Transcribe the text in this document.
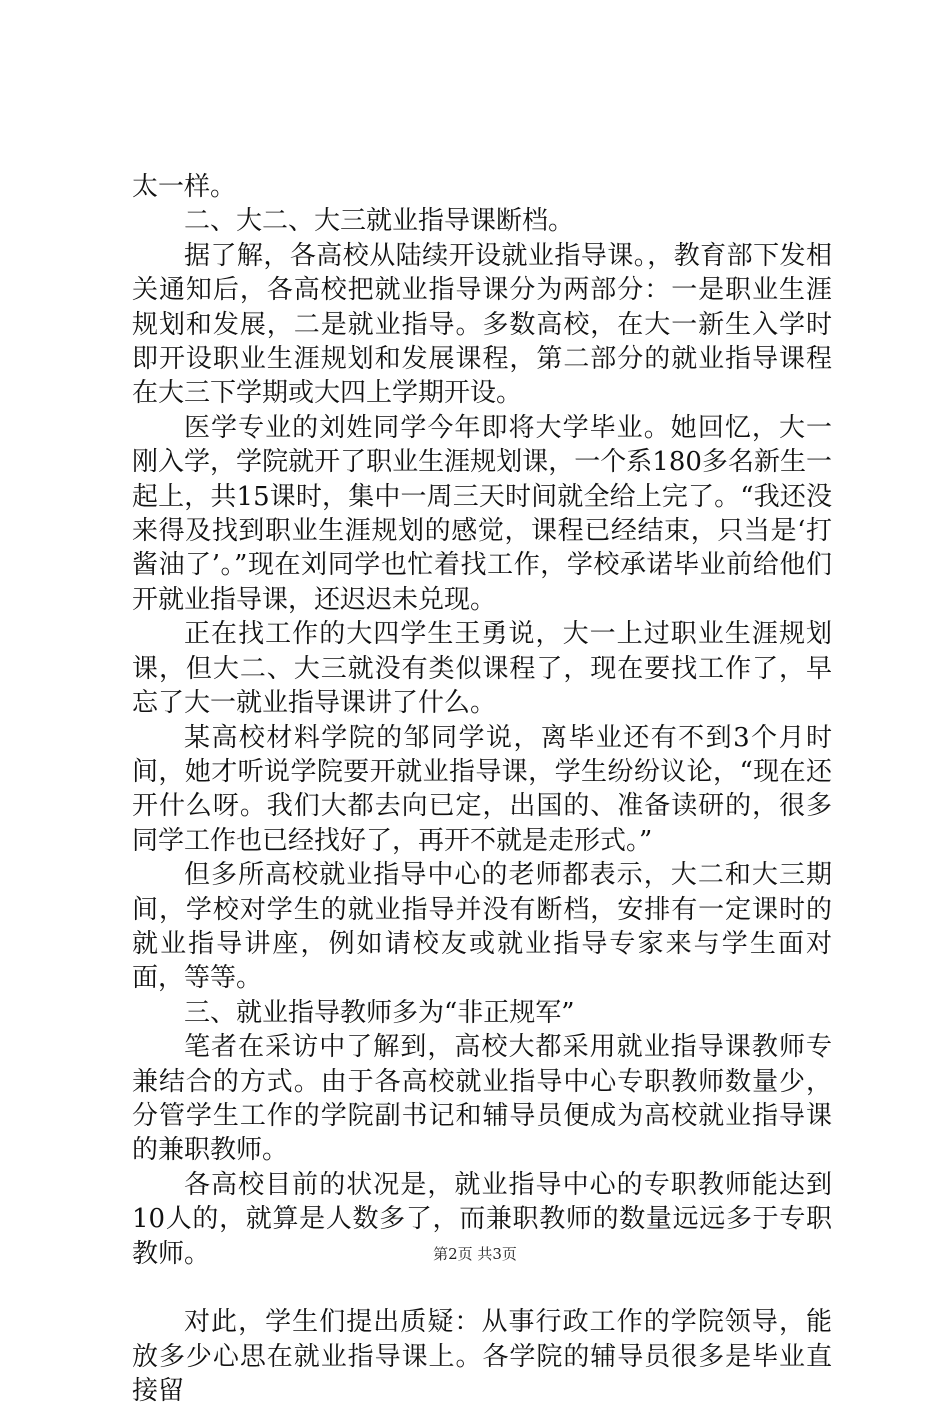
太一样。

二、大二、大三就业指导课断档。

据了解，各高校从陆续开设就业指导课。，教育部下发相关通知后，各高校把就业指导课分为两部分：一是职业生涯规划和发展，二是就业指导。多数高校，在大一新生入学时即开设职业生涯规划和发展课程，第二部分的就业指导课程在大三下学期或大四上学期开设。

医学专业的刘姓同学今年即将大学毕业。她回忆，大一刚入学，学院就开了职业生涯规划课，一个系180多名新生一起上，共15课时，集中一周三天时间就全给上完了。“我还没来得及找到职业生涯规划的感觉，课程已经结束，只当是‘打酱油了’。”现在刘同学也忙着找工作，学校承诺毕业前给他们开就业指导课，还迟迟未兑现。

正在找工作的大四学生王勇说，大一上过职业生涯规划课，但大二、大三就没有类似课程了，现在要找工作了，早忘了大一就业指导课讲了什么。

某高校材料学院的邹同学说，离毕业还有不到3个月时间，她才听说学院要开就业指导课，学生纷纷议论，“现在还开什么呀。我们大都去向已定，出国的、准备读研的，很多同学工作也已经找好了，再开不就是走形式。”

但多所高校就业指导中心的老师都表示，大二和大三期间，学校对学生的就业指导并没有断档，安排有一定课时的就业指导讲座，例如请校友或就业指导专家来与学生面对面，等等。

三、就业指导教师多为“非正规军”

笔者在采访中了解到，高校大都采用就业指导课教师专兼结合的方式。由于各高校就业指导中心专职教师数量少，分管学生工作的学院副书记和辅导员便成为高校就业指导课的兼职教师。

各高校目前的状况是，就业指导中心的专职教师能达到10人的，就算是人数多了，而兼职教师的数量远远多于专职教师。

对此，学生们提出质疑：从事行政工作的学院领导，能放多少心思在就业指导课上。各学院的辅导员很多是毕业直接留

第2页 共3页
